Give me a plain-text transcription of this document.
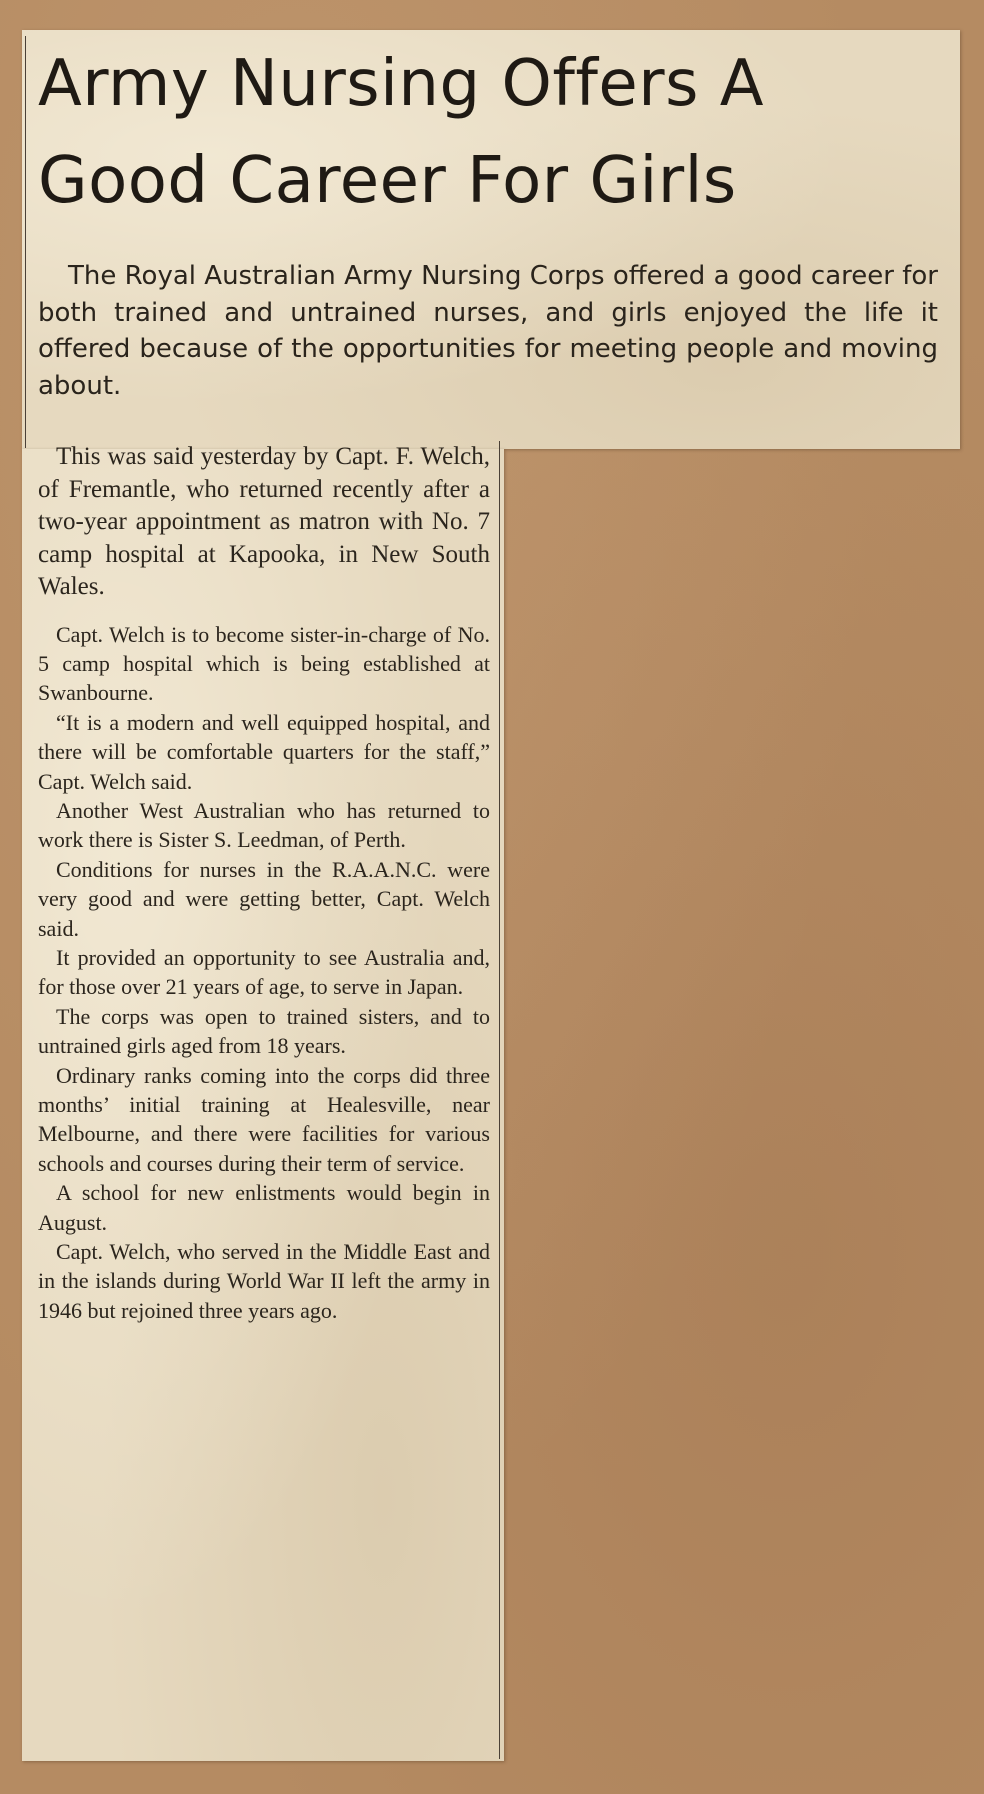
Army Nursing Offers A
Good Career For Girls

The Royal Australian Army Nursing Corps offered a good career for both trained and untrained nurses, and girls enjoyed the life it offered because of the opportunities for meeting people and moving about.

This was said yesterday by Capt. F. Welch, of Fremantle, who returned recently after a two-year appointment as matron with No. 7 camp hospital at Kapooka, in New South Wales.

Capt. Welch is to become sister-in-charge of No. 5 camp hospital which is being established at Swanbourne.

“It is a modern and well equipped hospital, and there will be comfortable quarters for the staff,” Capt. Welch said.

Another West Australian who has returned to work there is Sister S. Leedman, of Perth.

Conditions for nurses in the R.A.A.N.C. were very good and were getting better, Capt. Welch said.

It provided an opportunity to see Australia and, for those over 21 years of age, to serve in Japan.

The corps was open to trained sisters, and to untrained girls aged from 18 years.

Ordinary ranks coming into the corps did three months’ initial training at Healesville, near Melbourne, and there were facilities for various schools and courses during their term of service.

A school for new enlistments would begin in August.

Capt. Welch, who served in the Middle East and in the islands during World War II left the army in 1946 but rejoined three years ago.
